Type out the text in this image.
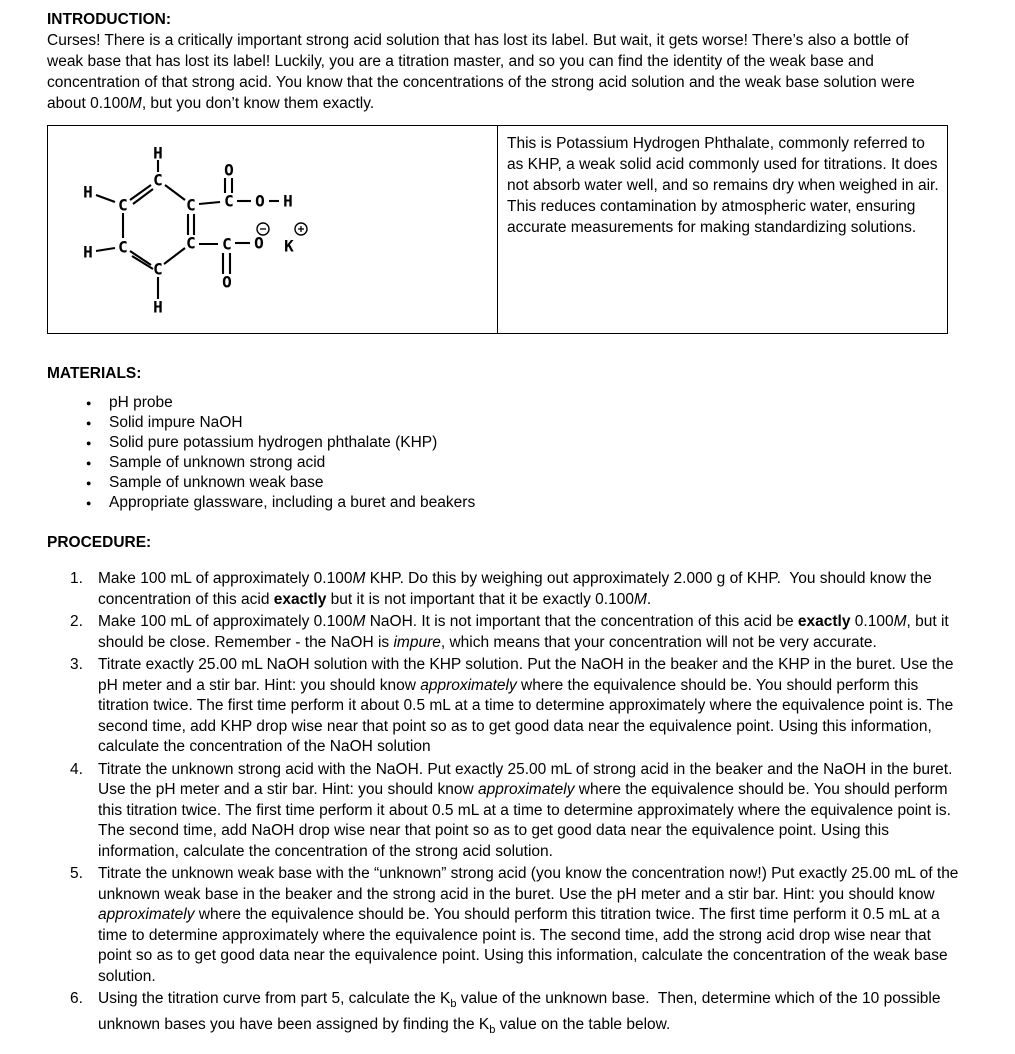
INTRODUCTION:

Curses! There is a critically important strong acid solution that has lost its label. But wait, it gets worse! There’s also a bottle of weak base that has lost its label! Luckily, you are a titration master, and so you can find the identity of the weak base and concentration of that strong acid. You know that the concentrations of the strong acid solution and the weak base solution were about 0.100M, but you don’t know them exactly.

H
C
C	C
C	C
C
H
H
H
C
O
O H
C
O
O K

This is Potassium Hydrogen Phthalate, commonly referred to as KHP, a weak solid acid commonly used for titrations. It does not absorb water well, and so remains dry when weighed in air. This reduces contamination by atmospheric water, ensuring accurate measurements for making standardizing solutions.
MATERIALS:
●	pH probe
●	Solid impure NaOH
●	Solid pure potassium hydrogen phthalate (KHP)
●	Sample of unknown strong acid
●	Sample of unknown weak base
●	Appropriate glassware, including a buret and beakers
PROCEDURE:
1. Make 100 mL of approximately 0.100M KHP. Do this by weighing out approximately 2.000 g of KHP.  You should know the concentration of this acid exactly but it is not important that it be exactly 0.100M.
2. Make 100 mL of approximately 0.100M NaOH. It is not important that the concentration of this acid be exactly 0.100M, but it should be close. Remember - the NaOH is impure, which means that your concentration will not be very accurate.
3. Titrate exactly 25.00 mL NaOH solution with the KHP solution. Put the NaOH in the beaker and the KHP in the buret. Use the pH meter and a stir bar. Hint: you should know approximately where the equivalence should be. You should perform this titration twice. The first time perform it about 0.5 mL at a time to determine approximately where the equivalence point is. The second time, add KHP drop wise near that point so as to get good data near the equivalence point. Using this information, calculate the concentration of the NaOH solution
4. Titrate the unknown strong acid with the NaOH. Put exactly 25.00 mL of strong acid in the beaker and the NaOH in the buret. Use the pH meter and a stir bar. Hint: you should know approximately where the equivalence should be. You should perform this titration twice. The first time perform it about 0.5 mL at a time to determine approximately where the equivalence point is. The second time, add NaOH drop wise near that point so as to get good data near the equivalence point. Using this information, calculate the concentration of the strong acid solution.
5. Titrate the unknown weak base with the “unknown” strong acid (you know the concentration now!) Put exactly 25.00 mL of the unknown weak base in the beaker and the strong acid in the buret. Use the pH meter and a stir bar. Hint: you should know approximately where the equivalence should be. You should perform this titration twice. The first time perform it 0.5 mL at a time to determine approximately where the equivalence point is. The second time, add the strong acid drop wise near that point so as to get good data near the equivalence point. Using this information, calculate the concentration of the weak base solution.
6. Using the titration curve from part 5, calculate the $K_b$ value of the unknown base.  Then, determine which of the 10 possible unknown bases you have been assigned by finding the $K_b$ value on the table below.
